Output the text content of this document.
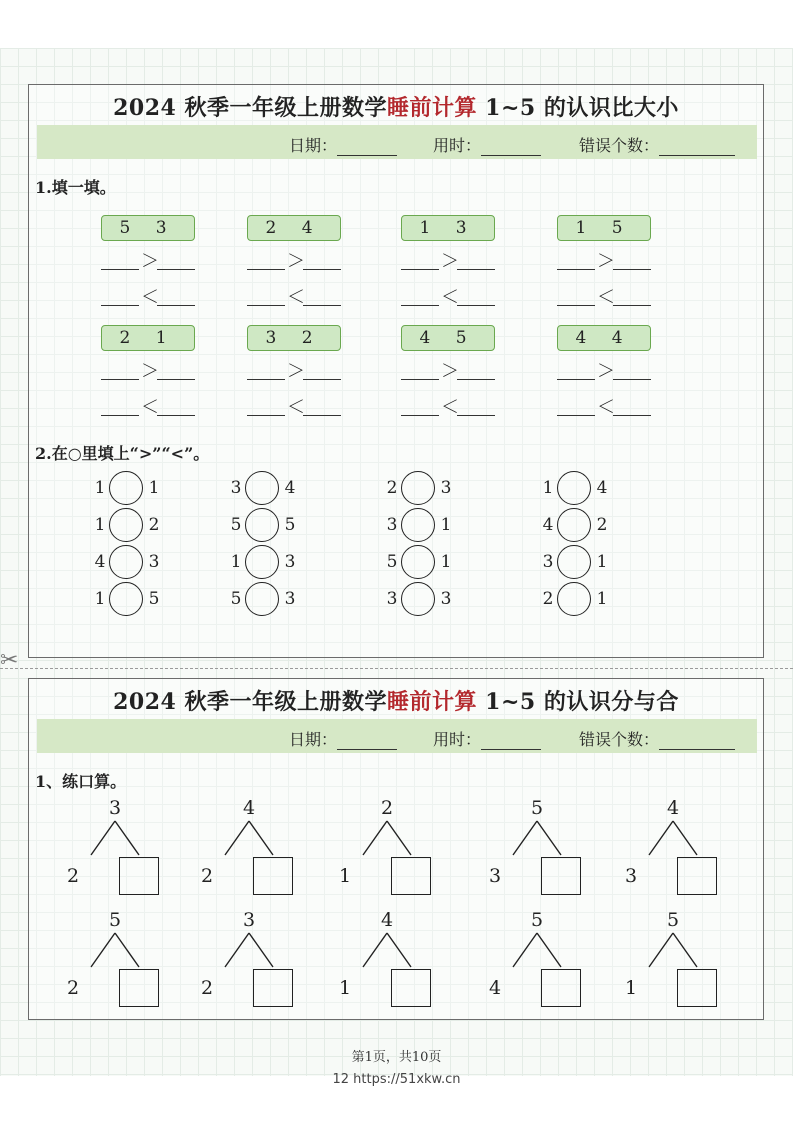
2024 秋季一年级上册数学睡前计算 1~5 的认识比大小
日期：	用时：	错误个数：
1.填一填。
5 3
＞
＜
2 4
＞
＜
1 3
＞
＜
1 5
＞
＜
2 1
＞
＜
3 2
＞
＜
4 5
＞
＜
4 4
＞
＜
2.在○里填上“>”“<”。
1	1	3	4	2	3	1	4
1	2	5	5	3	1	4	2
4	3	1	3	5	1	3	1
1	5	5	3	3	3	2	1
✂
2024 秋季一年级上册数学睡前计算 1~5 的认识分与合
日期：	用时：	错误个数：
1、练口算。
3
2
4
2
2
1
5
3
4
3
5
2
3
2
4
1
5
4
5
1
第1页，共10页
12 https://51xkw.cn
